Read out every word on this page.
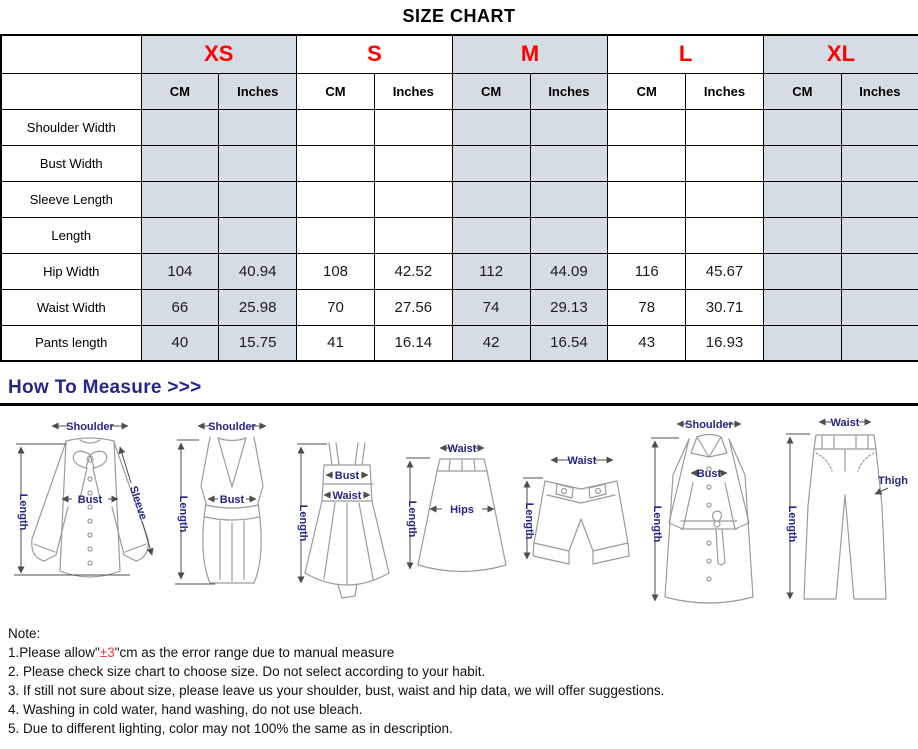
SIZE CHART
	XS		S		M		L		XL	
	CM	Inches	CM	Inches	CM	Inches	CM	Inches	CM	Inches
Shoulder Width										
Bust Width										
Sleeve Length										
Length										
Hip Width	104	40.94	108	42.52	112	44.09	116	45.67		
Waist Width	66	25.98	70	27.56	74	29.13	78	30.71		
Pants length	40	15.75	41	16.14	42	16.54	43	16.93		
How To Measure >>>
Shoulder
Length	Bust Sleeve
Shoulder
Length	Bust
Bust
Waist
Length
Waist
Hips
Length
Waist
Length
Shoulder
Bust
Length
Waist
Thigh
Length
Note:
1.Please allow"±3"cm as the error range due to manual measure
2. Please check size chart to choose size. Do not select according to your habit.
3. If still not sure about size, please leave us your shoulder, bust, waist and hip data, we will offer suggestions.
4. Washing in cold water, hand washing, do not use bleach.
5. Due to different lighting, color may not 100% the same as in description.
